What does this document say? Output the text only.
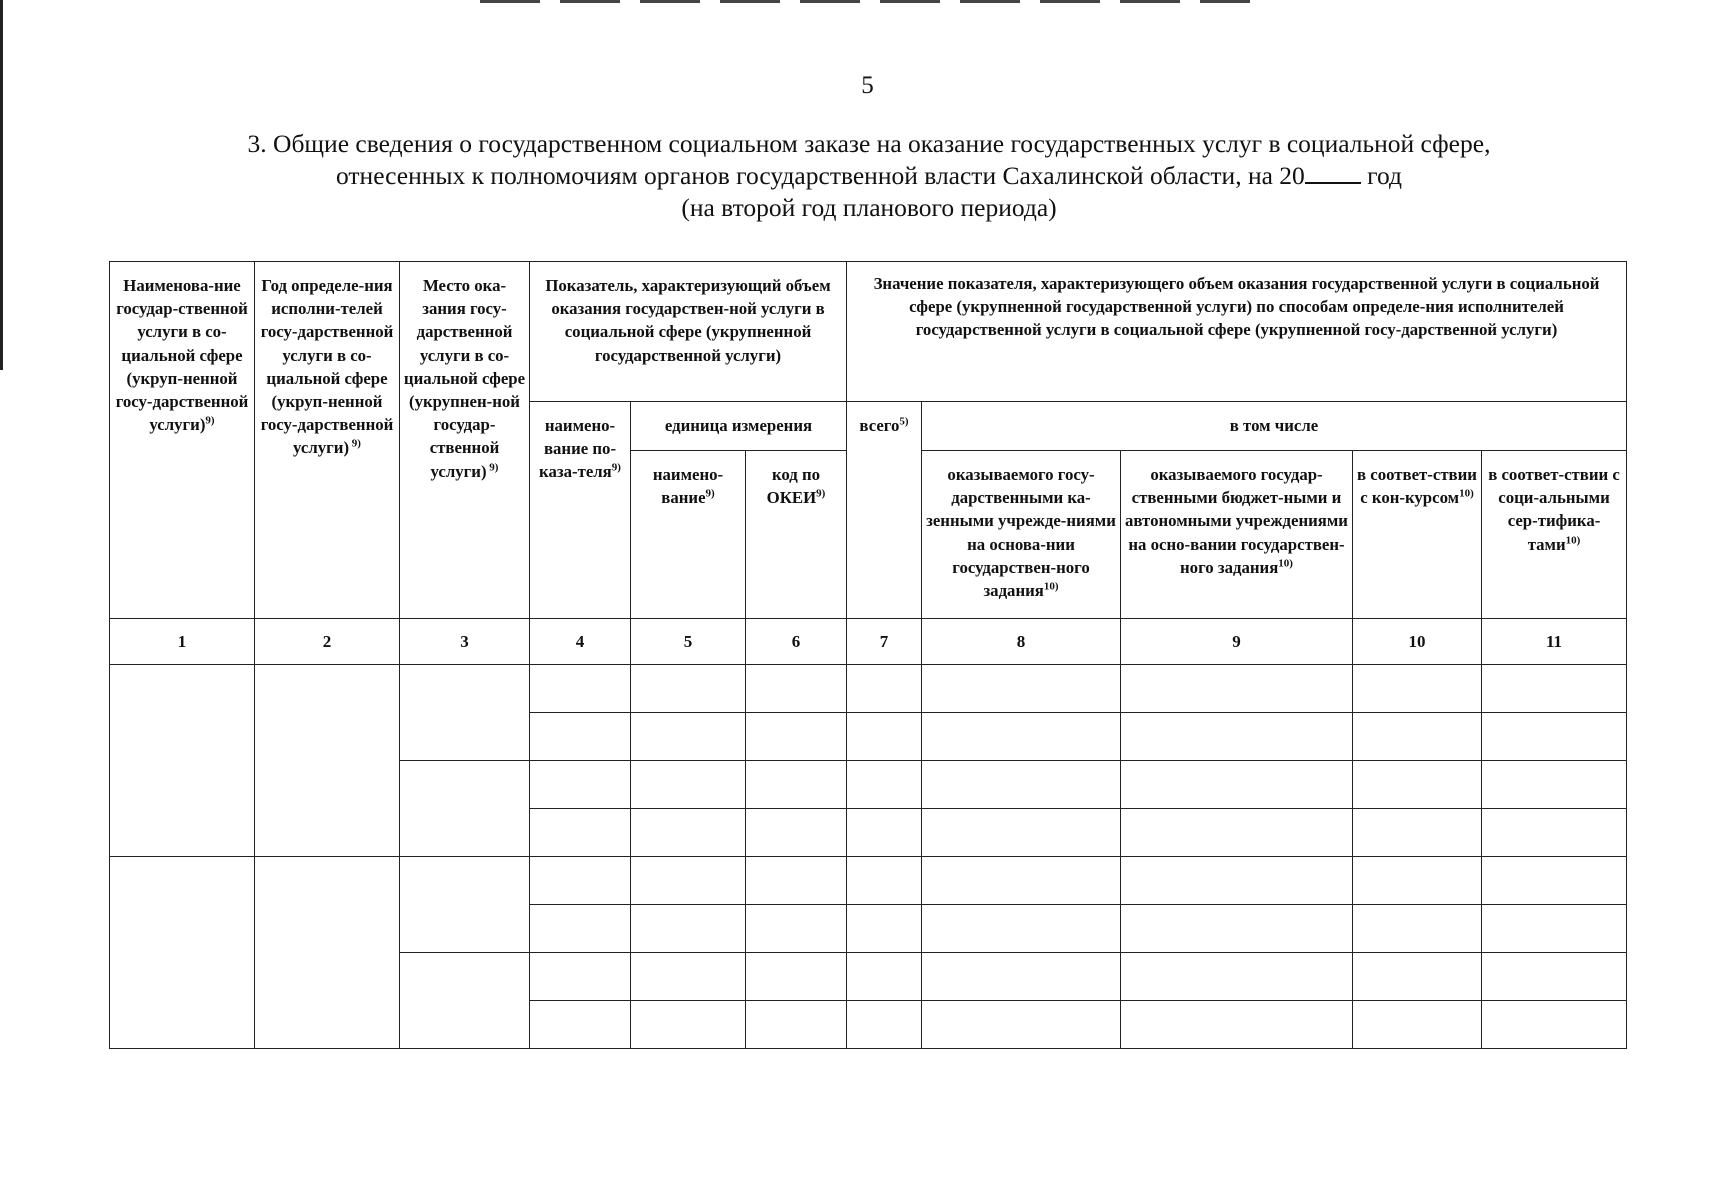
5
3. Общие сведения о государственном социальном заказе на оказание государственных услуг в социальной сфере,
отнесенных к полномочиям органов государственной власти Сахалинской области, на 20 год
(на второй год планового периода)
Наименова-ние государ-ственной услуги в со-циальной сфере (укруп-ненной госу-дарственной услуги)$^{9)}$	Год определе-ния исполни-телей госу-дарственной услуги в со-циальной сфере (укруп-ненной госу-дарственной услуги) $^{9)}$	Место ока-зания госу-дарственной услуги в со-циальной сфере (укрупнен-ной государ-ственной услуги) $^{9)}$	Показатель, характеризующий объем оказания государствен-ной услуги в социальной сфере (укрупненной государственной услуги)			Значение показателя, характеризующего объем оказания государственной услуги в социальной сфере (укрупненной государственной услуги) по способам определе-ния исполнителей государственной услуги в социальной сфере (укрупненной госу-дарственной услуги)				
			наимено-вание по-каза-теля$^{9)}$	единица измерения		всего$^{5)}$	в том числе			
				наимено-вание$^{9)}$	код по ОКЕИ$^{9)}$		оказываемого госу-дарственными ка-зенными учрежде-ниями на основа-нии государствен-ного задания$^{10)}$	оказываемого государ-ственными бюджет-ными и автономными учреждениями на осно-вании государствен-ного задания$^{10)}$	в соответ-ствии с кон-курсом$^{10)}$	в соответ-ствии с соци-альными сер-тифика-тами$^{10)}$
1	2	3	4	5	6	7	8	9	10	11
